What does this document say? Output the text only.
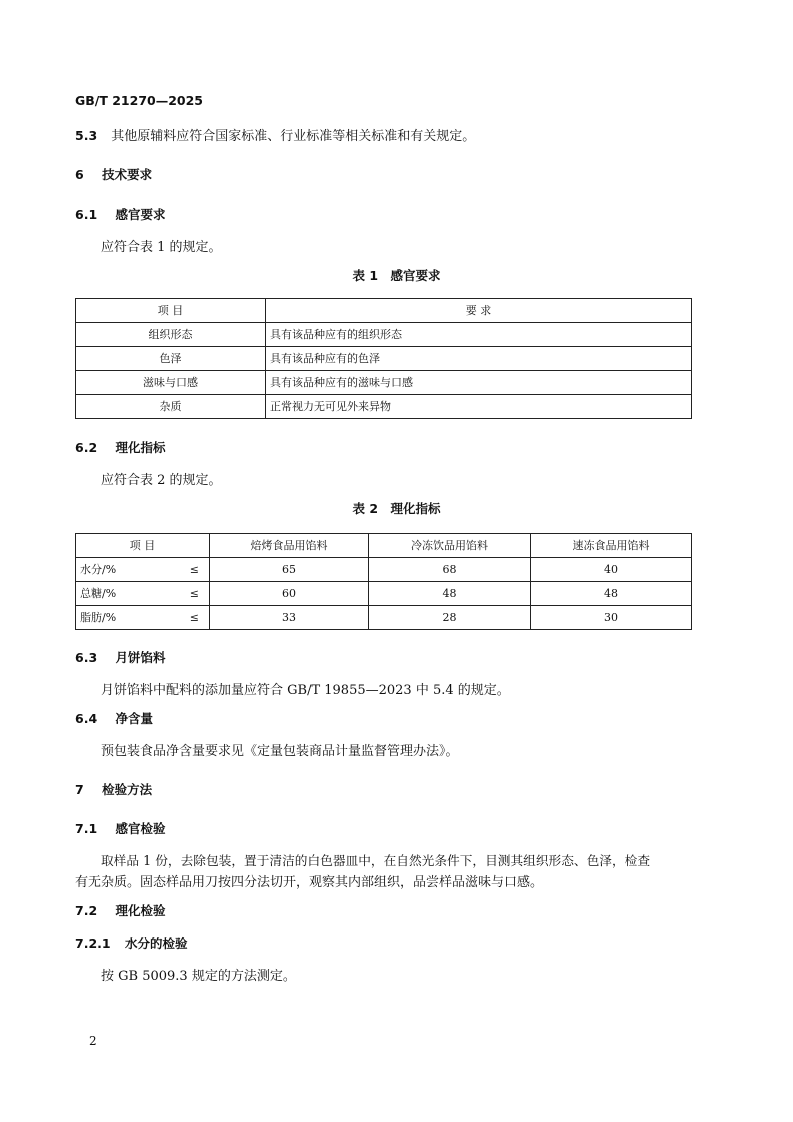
GB/T 21270—2025
5.3 其他原辅料应符合国家标准、行业标准等相关标准和有关规定。
6 技术要求
6.1 感官要求
应符合表 1 的规定。
表 1　感官要求
项 目	要 求
组织形态	具有该品种应有的组织形态
色泽	具有该品种应有的色泽
滋味与口感	具有该品种应有的滋味与口感
杂质	正常视力无可见外来异物
6.2 理化指标
应符合表 2 的规定。
表 2　理化指标
项 目	焙烤食品用馅料	冷冻饮品用馅料	速冻食品用馅料
水分/% ≤	65	68	40
总糖/% ≤	60	48	48
脂肪/% ≤	33	28	30
6.3 月饼馅料
月饼馅料中配料的添加量应符合 GB/T 19855—2023 中 5.4 的规定。
6.4 净含量
预包装食品净含量要求见《定量包装商品计量监督管理办法》。
7 检验方法
7.1 感官检验
取样品 1 份，去除包装，置于清洁的白色器皿中，在自然光条件下，目测其组织形态、色泽，检查
有无杂质。固态样品用刀按四分法切开，观察其内部组织，品尝样品滋味与口感。
7.2 理化检验
7.2.1 水分的检验
按 GB 5009.3 规定的方法测定。
2
